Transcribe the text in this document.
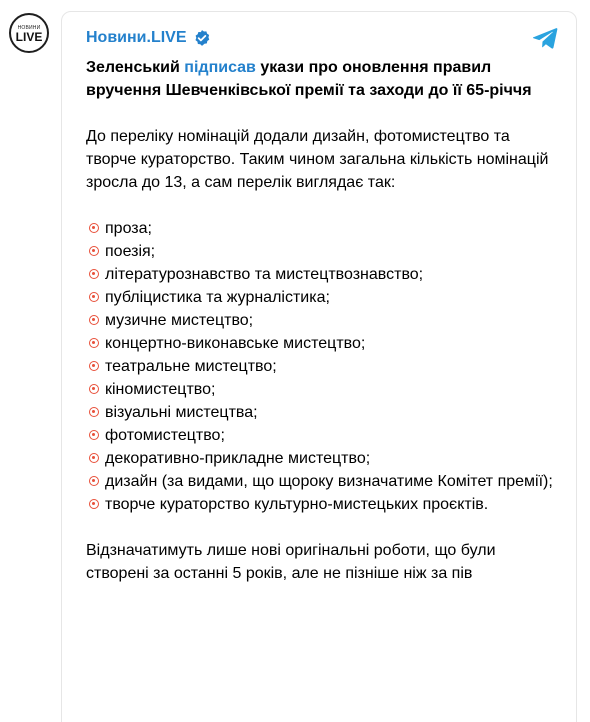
НОВИНИ
LIVE	Новини.LIVE

Зеленський підписав укази про оновлення правил вручення Шевченківської премії та заходи до її 65-річчя

До переліку номінацій додали дизайн, фотомистецтво та творче кураторство. Таким чином загальна кількість номінацій зросла до 13, а сам перелік виглядає так:

проза;
поезія;
літературознавство та мистецтвознавство;
публіцистика та журналістика;
музичне мистецтво;
концертно-виконавське мистецтво;
театральне мистецтво;
кіномистецтво;
візуальні мистецтва;
фотомистецтво;
декоративно-прикладне мистецтво;
дизайн (за видами, що щороку визначатиме Комітет премії);
творче кураторство культурно-мистецьких проєктів.

Відзначатимуть лише нові оригінальні роботи, що були створені за останні 5 років, але не пізніше ніж за пів
